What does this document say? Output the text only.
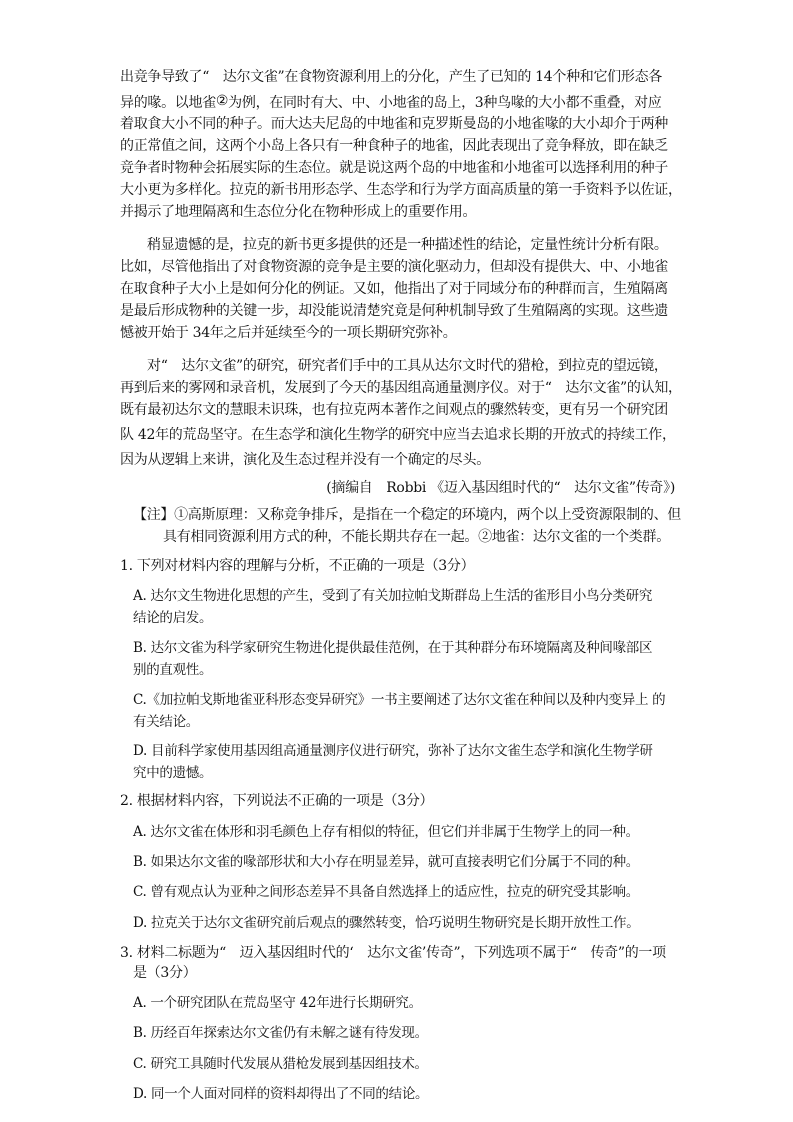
出竞争导致了“　达尔文雀”在食物资源利用上的分化，产生了已知的 14个种和它们形态各
异的喙。以地雀②为例，在同时有大、中、小地雀的岛上，3种鸟喙的大小都不重叠，对应
着取食大小不同的种子。而大达夫尼岛的中地雀和克罗斯曼岛的小地雀喙的大小却介于两种
的正常值之间，这两个小岛上各只有一种食种子的地雀，因此表现出了竞争释放，即在缺乏
竞争者时物种会拓展实际的生态位。就是说这两个岛的中地雀和小地雀可以选择利用的种子
大小更为多样化。拉克的新书用形态学、生态学和行为学方面高质量的第一手资料予以佐证，
并揭示了地理隔离和生态位分化在物种形成上的重要作用。
稍显遗憾的是，拉克的新书更多提供的还是一种描述性的结论，定量性统计分析有限。
比如，尽管他指出了对食物资源的竞争是主要的演化驱动力，但却没有提供大、中、小地雀
在取食种子大小上是如何分化的例证。又如，他指出了对于同域分布的种群而言，生殖隔离
是最后形成物种的关键一步，却没能说清楚究竟是何种机制导致了生殖隔离的实现。这些遗
憾被开始于 34年之后并延续至今的一项长期研究弥补。
对“　达尔文雀”的研究，研究者们手中的工具从达尔文时代的猎枪，到拉克的望远镜，
再到后来的雾网和录音机，发展到了今天的基因组高通量测序仪。对于“　达尔文雀”的认知，
既有最初达尔文的慧眼未识珠，也有拉克两本著作之间观点的骤然转变，更有另一个研究团
队 42年的荒岛坚守。在生态学和演化生物学的研究中应当去追求长期的开放式的持续工作，
因为从逻辑上来讲，演化及生态过程并没有一个确定的尽头。
(摘编自　Robbi 《迈入基因组时代的“　达尔文雀”传奇》)
【注】①高斯原理：又称竞争排斥，是指在一个稳定的环境内，两个以上受资源限制的、但
具有相同资源利用方式的种，不能长期共存在一起。②地雀：达尔文雀的一个类群。
1. 下列对材料内容的理解与分析，不正确的一项是（3分）
A. 达尔文生物进化思想的产生，受到了有关加拉帕戈斯群岛上生活的雀形目小鸟分类研究
结论的启发。
B. 达尔文雀为科学家研究生物进化提供最佳范例，在于其种群分布环境隔离及种间喙部区
别的直观性。
C.《加拉帕戈斯地雀亚科形态变异研究》一书主要阐述了达尔文雀在种间以及种内变异上 的
有关结论。
D. 目前科学家使用基因组高通量测序仪进行研究，弥补了达尔文雀生态学和演化生物学研
究中的遗憾。
2. 根据材料内容，下列说法不正确的一项是（3分）
A. 达尔文雀在体形和羽毛颜色上存有相似的特征，但它们并非属于生物学上的同一种。
B. 如果达尔文雀的喙部形状和大小存在明显差异，就可直接表明它们分属于不同的种。
C. 曾有观点认为亚种之间形态差异不具备自然选择上的适应性，拉克的研究受其影响。
D. 拉克关于达尔文雀研究前后观点的骤然转变，恰巧说明生物研究是长期开放性工作。
3. 材料二标题为“　迈入基因组时代的‘　达尔文雀’传奇”，下列选项不属于“　传奇”的一项
是（3分）
A. 一个研究团队在荒岛坚守 42年进行长期研究。
B. 历经百年探索达尔文雀仍有未解之谜有待发现。
C. 研究工具随时代发展从猎枪发展到基因组技术。
D. 同一个人面对同样的资料却得出了不同的结论。
